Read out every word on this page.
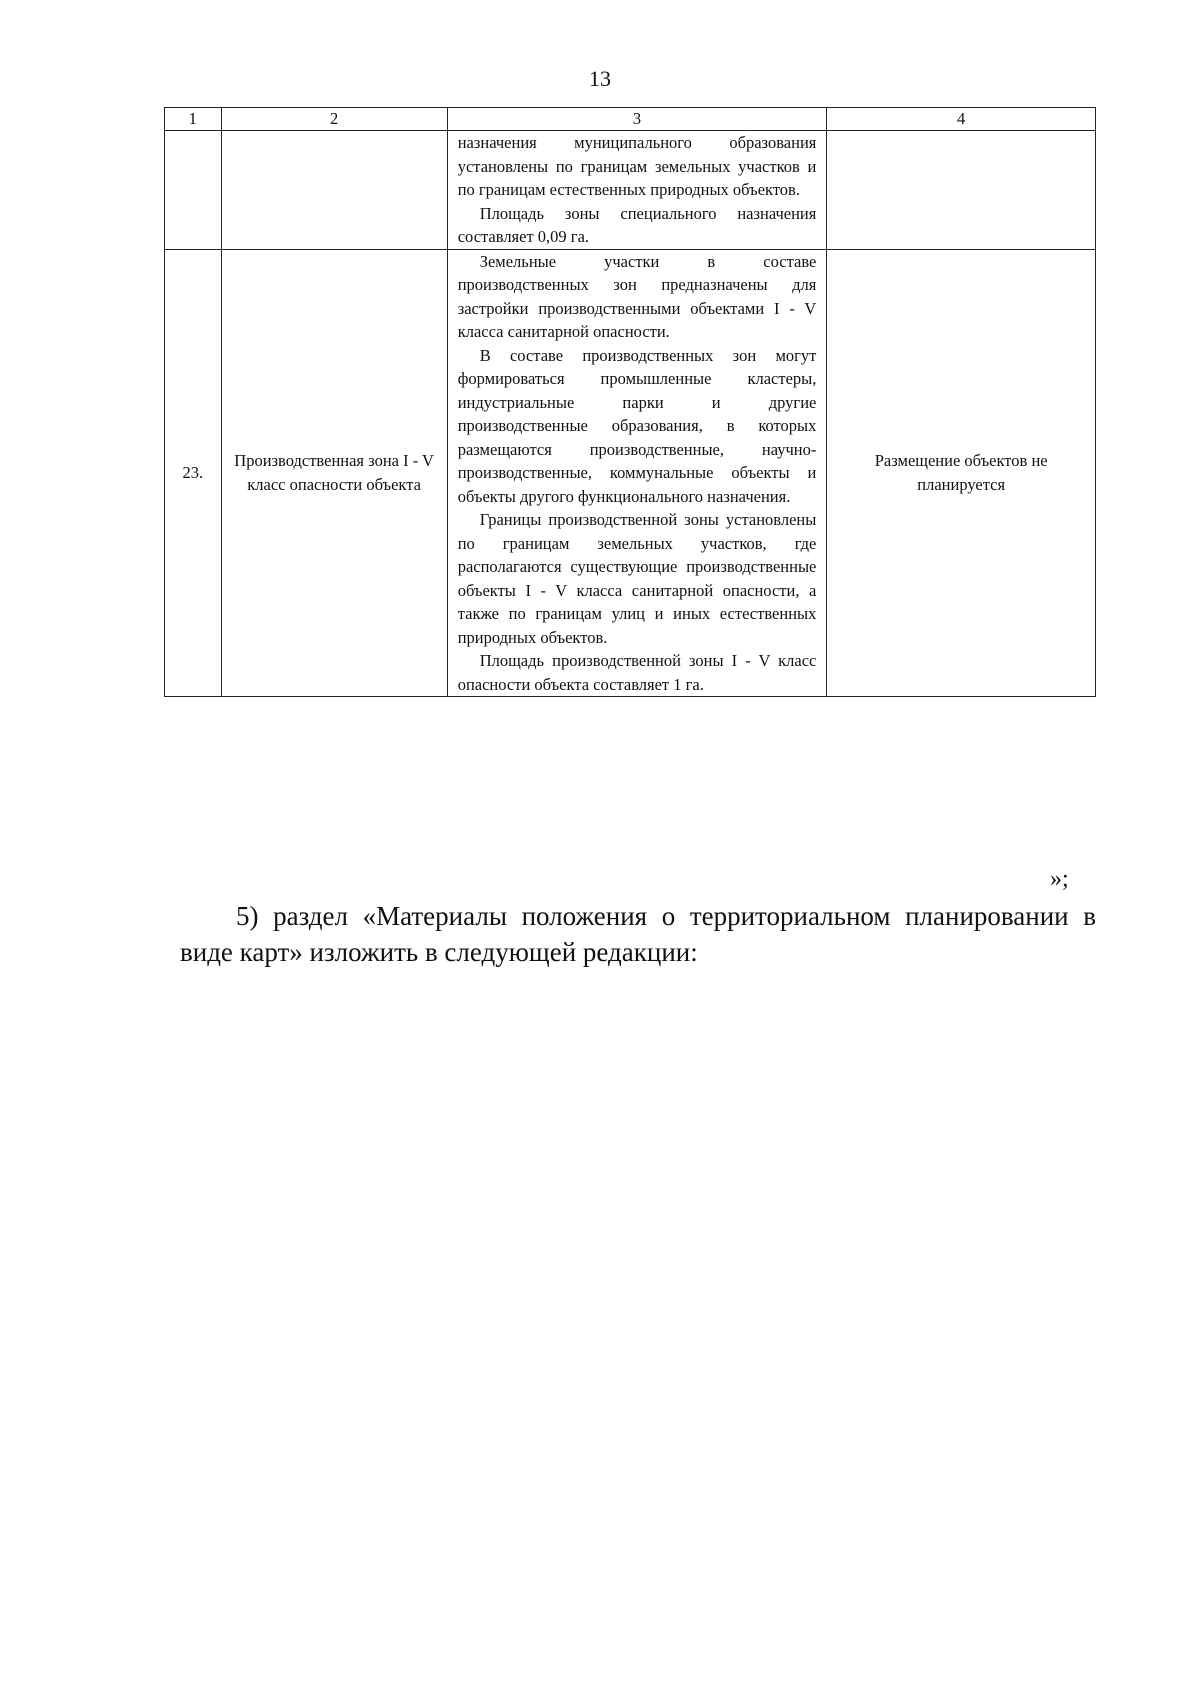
13
1	2	3	4

		назначения муниципального образования установлены по границам земельных участков и по границам естественных природных объектов.

Площадь зоны специального назначения составляет 0,09 га.	

23.	Производственная зона I - V класс опасности объекта	Земельные участки в составе производственных зон предназначены для застройки производственными объектами I - V класса санитарной опасности.

В составе производственных зон могут формироваться промышленные кластеры, индустриальные парки и другие производственные образования, в которых размещаются производственные, научно-производственные, коммунальные объекты и объекты другого функционального назначения.

Границы производственной зоны установлены по границам земельных участков, где располагаются существующие производственные объекты I - V класса санитарной опасности, а также по границам улиц и иных естественных природных объектов.

Площадь производственной зоны I - V класс опасности объекта составляет 1 га.	Размещение объектов не планируется
»;
5) раздел «Материалы положения о территориальном планировании в виде карт» изложить в следующей редакции:
